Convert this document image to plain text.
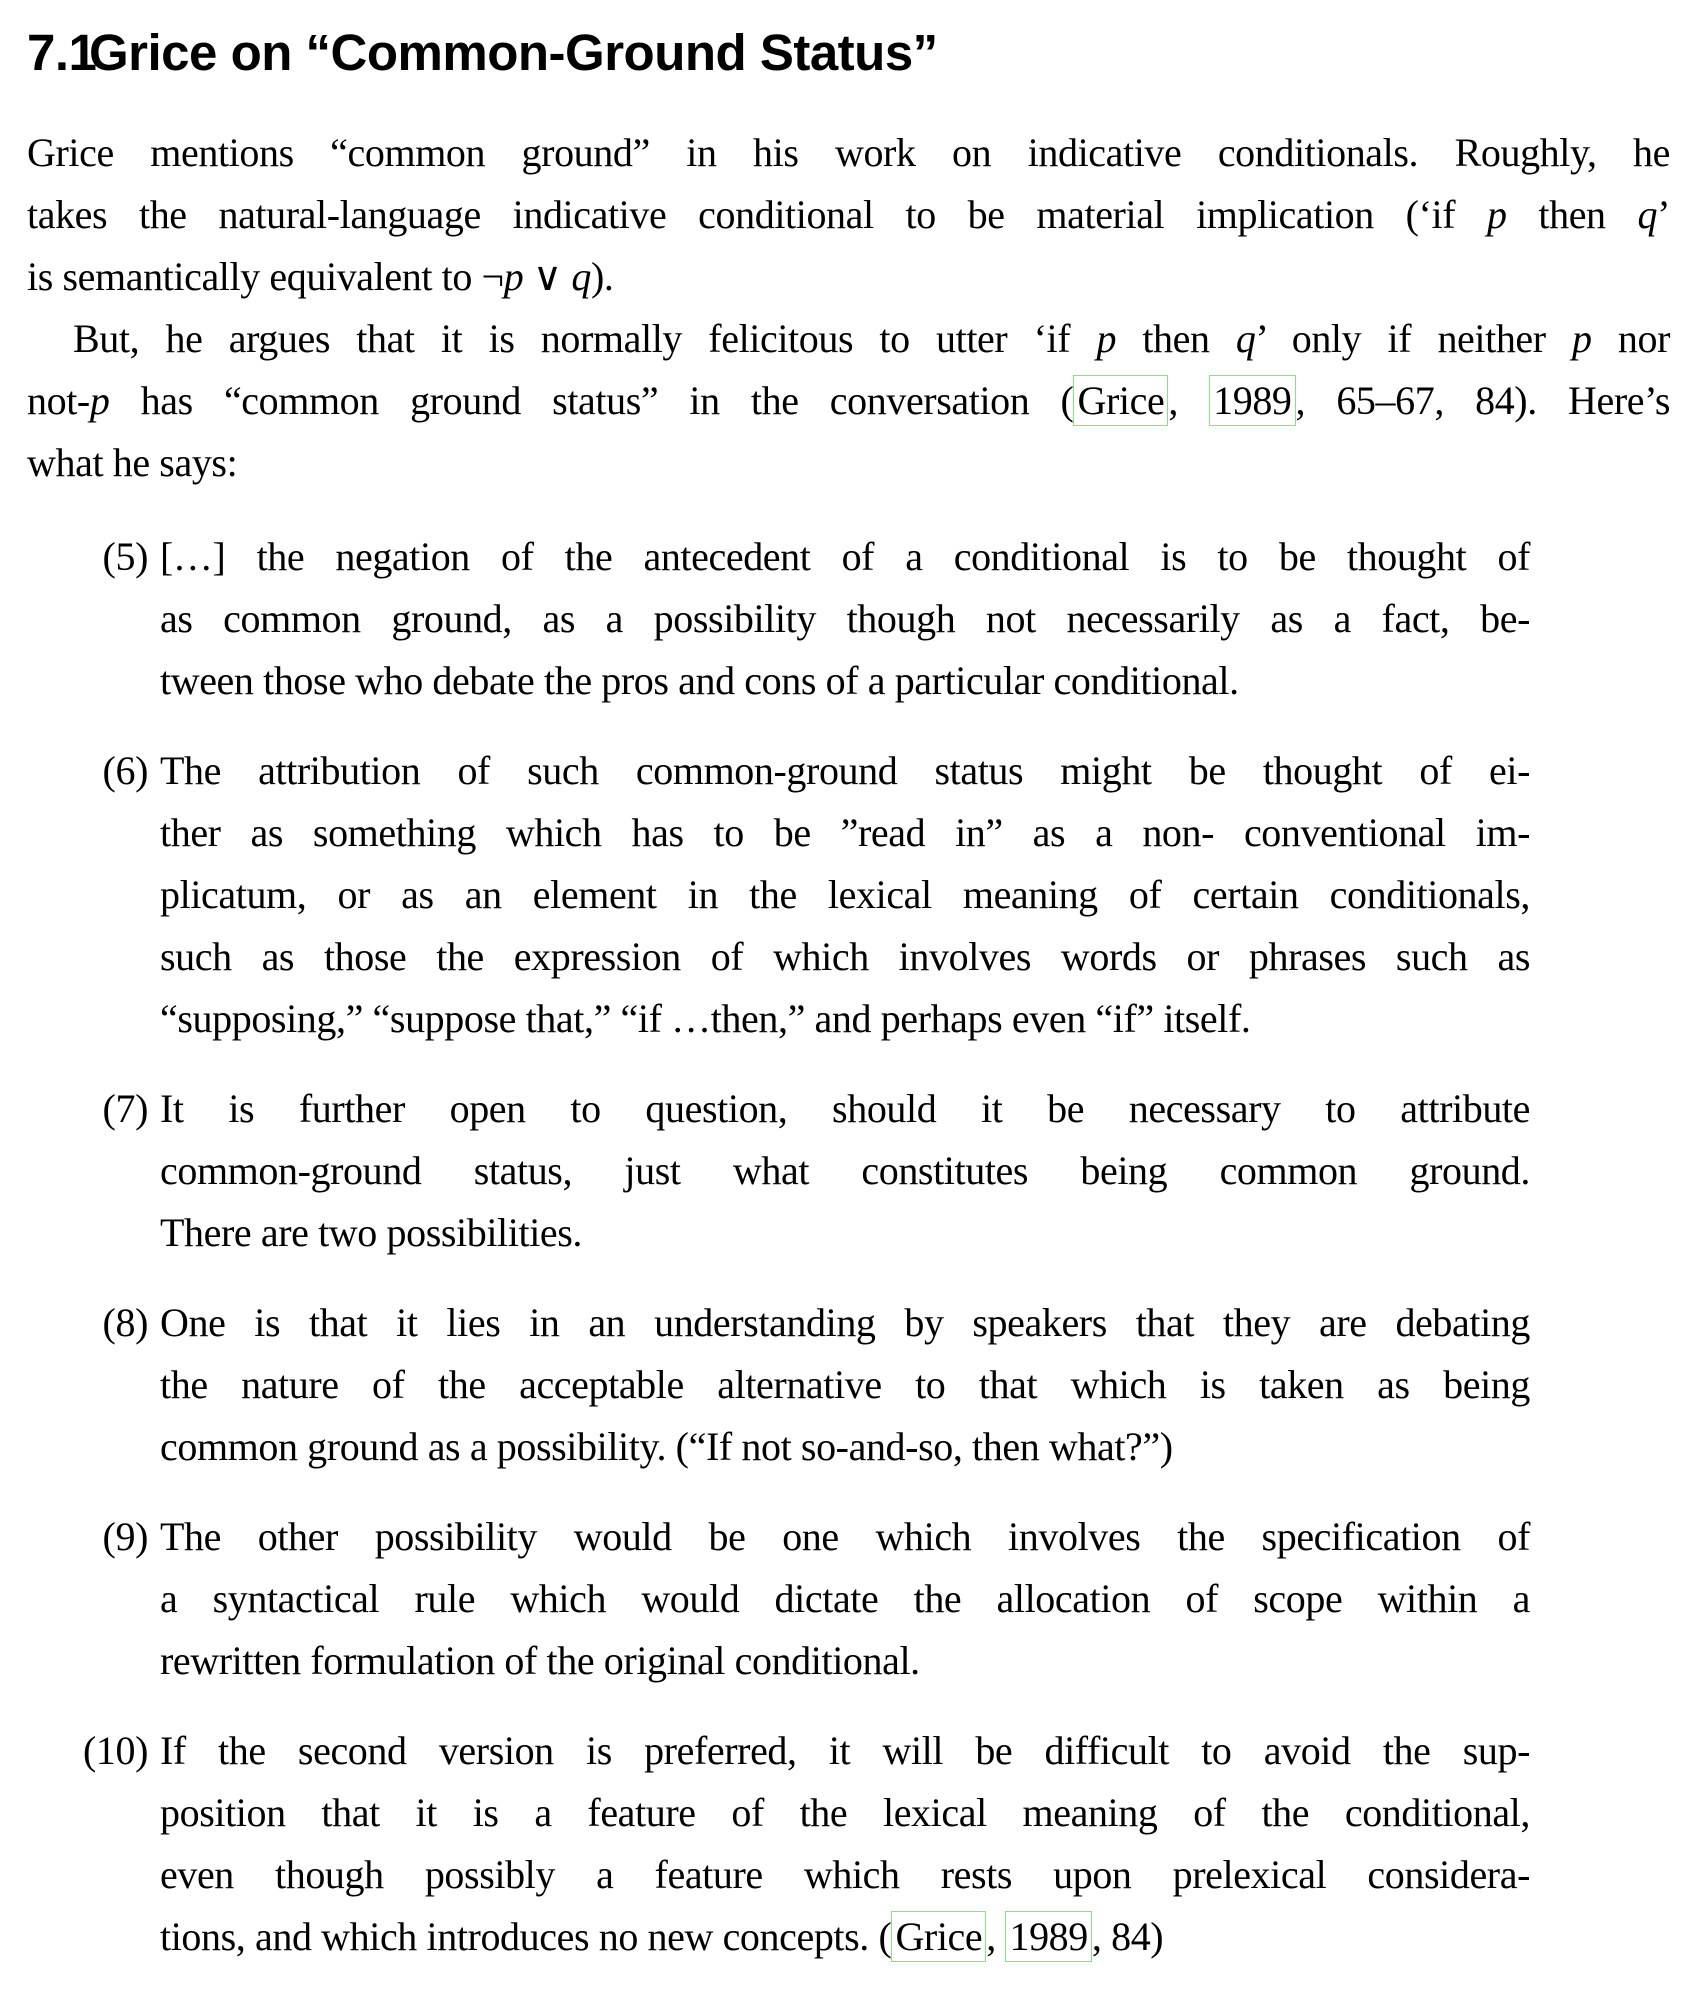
7.1
Grice on “Common-Ground Status”
Grice mentions “common ground” in his work on indicative conditionals. Roughly, he
takes the natural-language indicative conditional to be material implication (‘if p then q’
is semantically equivalent to ¬p ∨ q).
But, he argues that it is normally felicitous to utter ‘if p then q’ only if neither p nor
not-p has “common ground status” in the conversation ( Grice , 1989 , 65–67, 84). Here’s
what he says:
(5) […] the negation of the antecedent of a conditional is to be thought of
as common ground, as a possibility though not necessarily as a fact, be-
tween those who debate the pros and cons of a particular conditional.
(6) The attribution of such common-ground status might be thought of ei-
ther as something which has to be ”read in” as a non- conventional im-
plicatum, or as an element in the lexical meaning of certain conditionals,
such as those the expression of which involves words or phrases such as
“supposing,” “suppose that,” “if …then,” and perhaps even “if” itself.
(7) It is further open to question, should it be necessary to attribute
common-ground status, just what constitutes being common ground.
There are two possibilities.
(8) One is that it lies in an understanding by speakers that they are debating
the nature of the acceptable alternative to that which is taken as being
common ground as a possibility. (“If not so-and-so, then what?”)
(9) The other possibility would be one which involves the specification of
a syntactical rule which would dictate the allocation of scope within a
rewritten formulation of the original conditional.
(10) If the second version is preferred, it will be difficult to avoid the sup-
position that it is a feature of the lexical meaning of the conditional,
even though possibly a feature which rests upon prelexical considera-
tions, and which introduces no new concepts. ( Grice , 1989 , 84)
